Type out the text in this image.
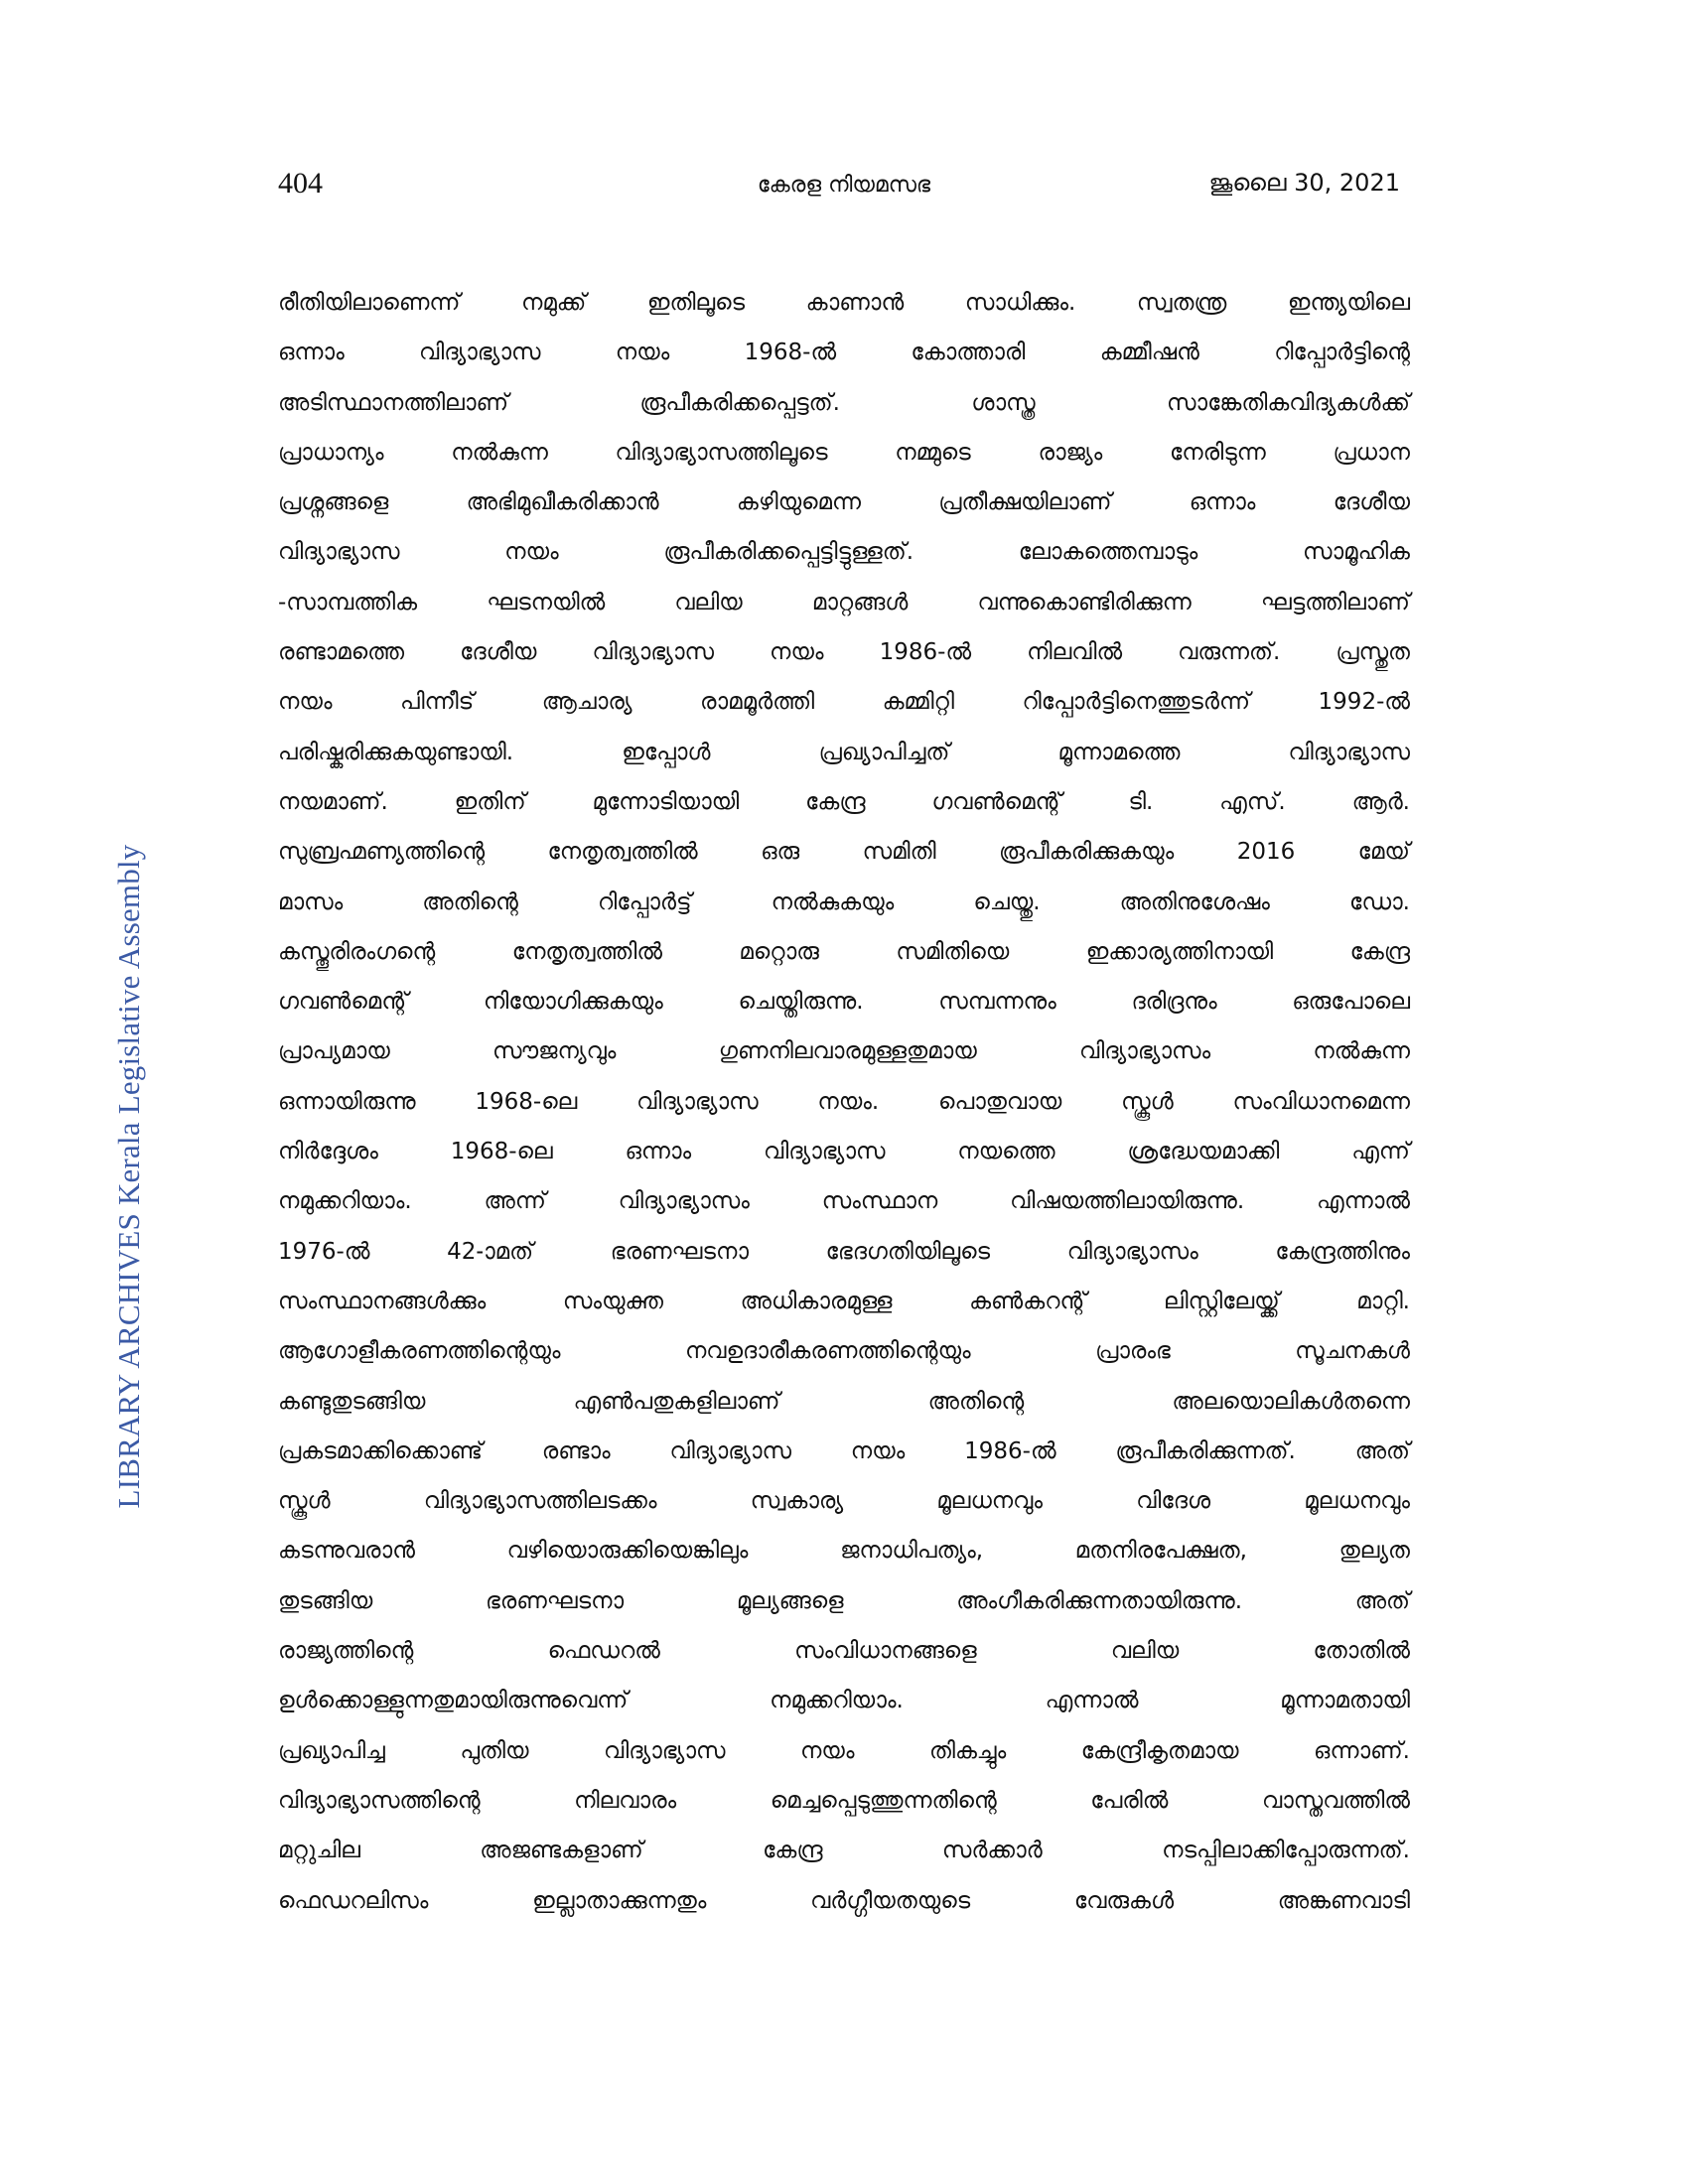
404	കേരള നിയമസഭ	ജൂലൈ 30, 2021
LIBRARY ARCHIVES Kerala Legislative Assembly
രീതിയിലാണെന്ന് നമുക്ക് ഇതിലൂടെ കാണാൻ സാധിക്കും. സ്വതന്ത്ര ഇന്ത്യയിലെ
ഒന്നാം വിദ്യാഭ്യാസ നയം 1968-ൽ കോത്താരി കമ്മീഷൻ റിപ്പോർട്ടിന്റെ
അടിസ്ഥാനത്തിലാണ് രൂപീകരിക്കപ്പെട്ടത്. ശാസ്ത്ര സാങ്കേതികവിദ്യകൾക്ക്
പ്രാധാന്യം നൽകുന്ന വിദ്യാഭ്യാസത്തിലൂടെ നമ്മുടെ രാജ്യം നേരിടുന്ന പ്രധാന
പ്രശ്നങ്ങളെ അഭിമുഖീകരിക്കാൻ കഴിയുമെന്ന പ്രതീക്ഷയിലാണ് ഒന്നാം ദേശീയ
വിദ്യാഭ്യാസ നയം രൂപീകരിക്കപ്പെട്ടിട്ടുള്ളത്. ലോകത്തെമ്പാടും സാമൂഹിക
-സാമ്പത്തിക ഘടനയിൽ വലിയ മാറ്റങ്ങൾ വന്നുകൊണ്ടിരിക്കുന്ന ഘട്ടത്തിലാണ്
രണ്ടാമത്തെ ദേശീയ വിദ്യാഭ്യാസ നയം 1986-ൽ നിലവിൽ വരുന്നത്. പ്രസ്തുത
നയം പിന്നീട് ആചാര്യ രാമമൂർത്തി കമ്മിറ്റി റിപ്പോർട്ടിനെത്തുടർന്ന് 1992-ൽ
പരിഷ്കരിക്കുകയുണ്ടായി. ഇപ്പോൾ പ്രഖ്യാപിച്ചത് മൂന്നാമത്തെ വിദ്യാഭ്യാസ
നയമാണ്. ഇതിന് മുന്നോടിയായി കേന്ദ്ര ഗവൺമെന്റ് ടി. എസ്. ആർ.
സുബ്രഹ്മണ്യത്തിന്റെ നേതൃത്വത്തിൽ ഒരു സമിതി രൂപീകരിക്കുകയും 2016 മേയ്
മാസം അതിന്റെ റിപ്പോർട്ട് നൽകുകയും ചെയ്തു. അതിനുശേഷം ഡോ.
കസ്തൂരിരംഗന്റെ നേതൃത്വത്തിൽ മറ്റൊരു സമിതിയെ ഇക്കാര്യത്തിനായി കേന്ദ്ര
ഗവൺമെന്റ് നിയോഗിക്കുകയും ചെയ്തിരുന്നു. സമ്പന്നനും ദരിദ്രനും ഒരുപോലെ
പ്രാപ്യമായ സൗജന്യവും ഗുണനിലവാരമുള്ളതുമായ വിദ്യാഭ്യാസം നൽകുന്ന
ഒന്നായിരുന്നു 1968-ലെ വിദ്യാഭ്യാസ നയം. പൊതുവായ സ്കൂൾ സംവിധാനമെന്ന
നിർദ്ദേശം 1968-ലെ ഒന്നാം വിദ്യാഭ്യാസ നയത്തെ ശ്രദ്ധേയമാക്കി എന്ന്
നമുക്കറിയാം. അന്ന് വിദ്യാഭ്യാസം സംസ്ഥാന വിഷയത്തിലായിരുന്നു. എന്നാൽ
1976-ൽ 42-ാമത് ഭരണഘടനാ ഭേദഗതിയിലൂടെ വിദ്യാഭ്യാസം കേന്ദ്രത്തിനും
സംസ്ഥാനങ്ങൾക്കും സംയുക്ത അധികാരമുള്ള കൺകറന്റ് ലിസ്റ്റിലേയ്ക്ക് മാറ്റി.
ആഗോളീകരണത്തിന്റെയും നവഉദാരീകരണത്തിന്റെയും പ്രാരംഭ സൂചനകൾ
കണ്ടുതുടങ്ങിയ എൺപതുകളിലാണ് അതിന്റെ അലയൊലികൾതന്നെ
പ്രകടമാക്കിക്കൊണ്ട് രണ്ടാം വിദ്യാഭ്യാസ നയം 1986-ൽ രൂപീകരിക്കുന്നത്. അത്
സ്കൂൾ വിദ്യാഭ്യാസത്തിലടക്കം സ്വകാര്യ മൂലധനവും വിദേശ മൂലധനവും
കടന്നുവരാൻ വഴിയൊരുക്കിയെങ്കിലും ജനാധിപത്യം, മതനിരപേക്ഷത, തുല്യത
തുടങ്ങിയ ഭരണഘടനാ മൂല്യങ്ങളെ അംഗീകരിക്കുന്നതായിരുന്നു. അത്
രാജ്യത്തിന്റെ ഫെഡറൽ സംവിധാനങ്ങളെ വലിയ തോതിൽ
ഉൾക്കൊള്ളുന്നതുമായിരുന്നുവെന്ന് നമുക്കറിയാം. എന്നാൽ മൂന്നാമതായി
പ്രഖ്യാപിച്ച പുതിയ വിദ്യാഭ്യാസ നയം തികച്ചും കേന്ദ്രീകൃതമായ ഒന്നാണ്.
വിദ്യാഭ്യാസത്തിന്റെ നിലവാരം മെച്ചപ്പെടുത്തുന്നതിന്റെ പേരിൽ വാസ്തവത്തിൽ
മറ്റുചില അജണ്ടകളാണ് കേന്ദ്ര സർക്കാർ നടപ്പിലാക്കിപ്പോരുന്നത്.
ഫെഡറലിസം ഇല്ലാതാക്കുന്നതും വർഗ്ഗീയതയുടെ വേരുകൾ അങ്കണവാടി
